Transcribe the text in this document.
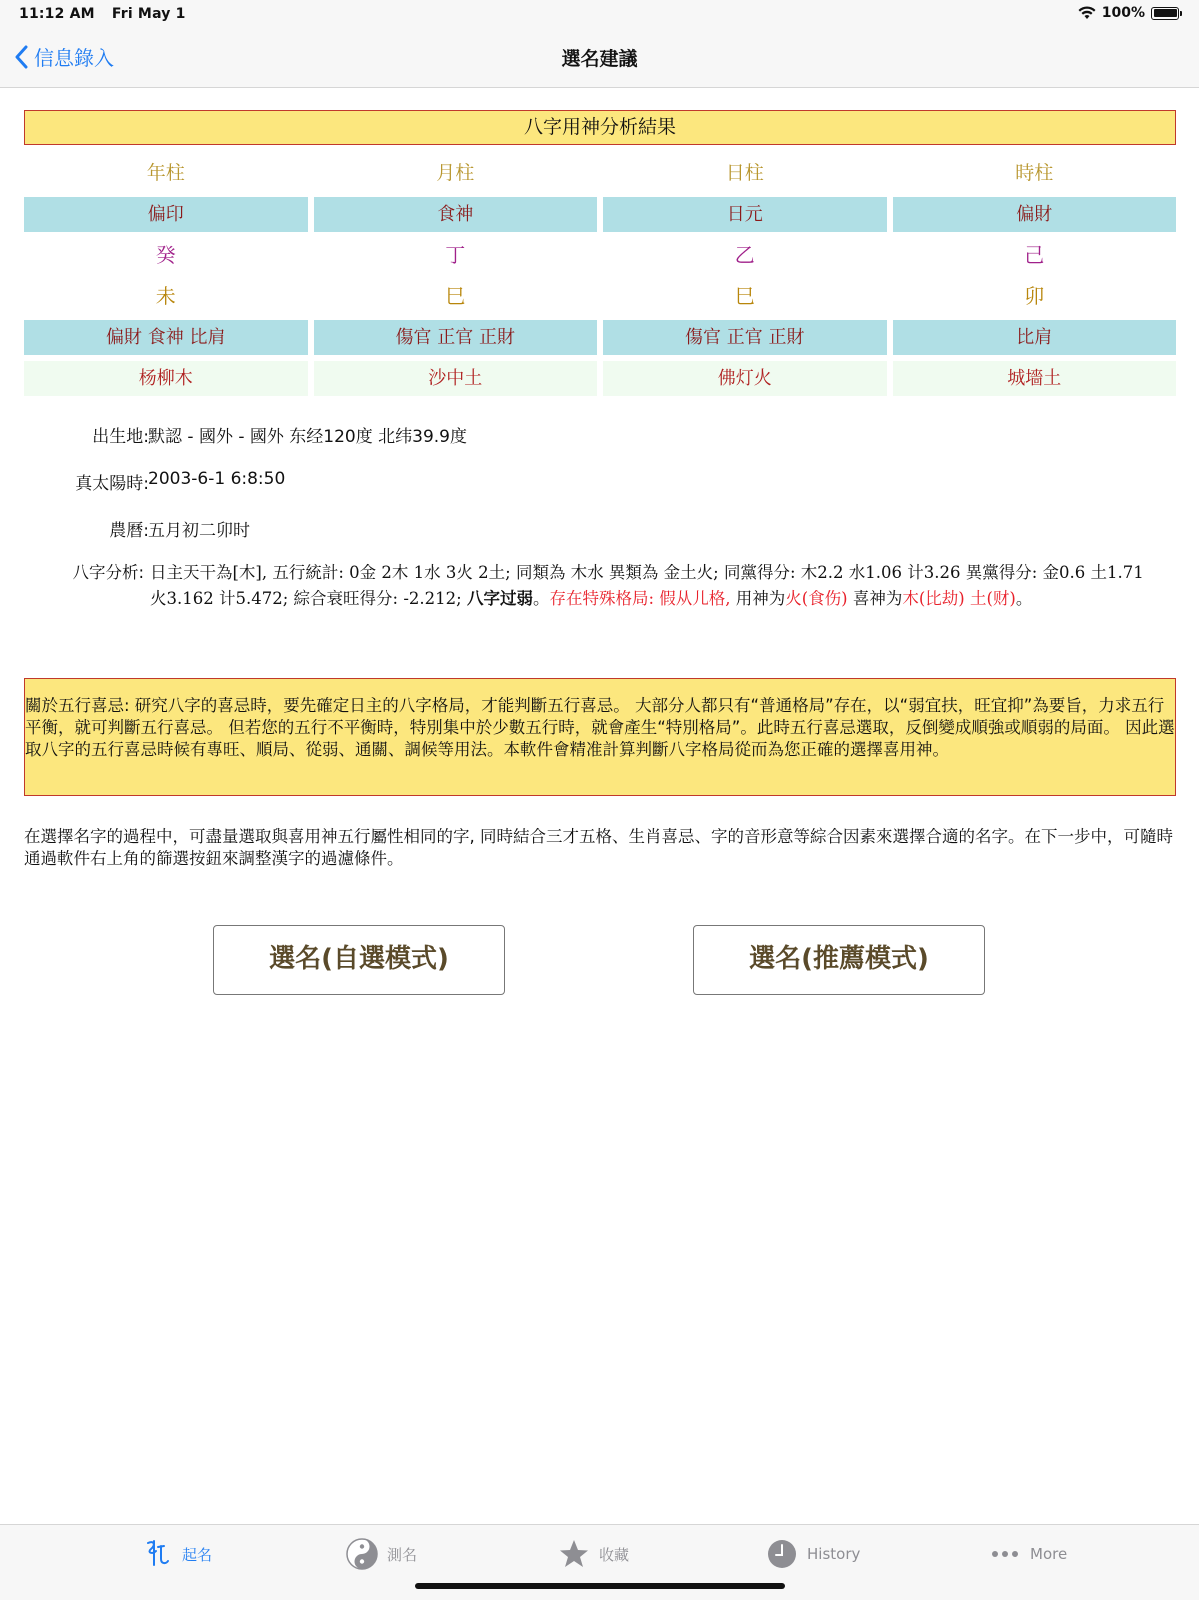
11:12 AM Fri May 1	100%
信息錄入	選名建議
八字用神分析結果
年柱	月柱	日柱	時柱
偏印	食神	日元	偏財
癸	丁	乙	己
未	巳	巳	卯
偏財 食神 比肩	傷官 正官 正財	傷官 正官 正財	比肩
杨柳木	沙中土	佛灯火	城墻土
出生地: 默認 - 國外 - 國外 东经120度 北纬39.9度
真太陽時: 2003-6-1 6:8:50
農曆: 五月初二卯时
八字分析: 日主天干為[木], 五行統計: 0金 2木 1水 3火 2土; 同類為 木水 異類為 金土火; 同黨得分: 木2.2 水1.06 计3.26 異黨得分: 金0.6 土1.71 火3.162 计5.472; 綜合衰旺得分: -2.212; 八字过弱。存在特殊格局: 假从儿格, 用神为火(食伤) 喜神为木(比劫) 土(财)。
關於五行喜忌: 研究八字的喜忌時，要先確定日主的八字格局，才能判斷五行喜忌。 大部分人都只有“普通格局”存在，以“弱宜扶，旺宜抑”為要旨，力求五行平衡，就可判斷五行喜忌。 但若您的五行不平衡時，特別集中於少數五行時，就會產生“特別格局”。此時五行喜忌選取，反倒變成順強或順弱的局面。 因此選取八字的五行喜忌時候有專旺、順局、從弱、通關、調候等用法。本軟件會精准計算判斷八字格局從而為您正確的選擇喜用神。
在選擇名字的過程中，可盡量選取與喜用神五行屬性相同的字, 同時結合三才五格、生肖喜忌、字的音形意等綜合因素來選擇合適的名字。在下一步中，可隨時通過軟件右上角的篩選按鈕來調整漢字的過濾條件。
選名(自選模式)	選名(推薦模式)
起名	測名	收藏	History	More
